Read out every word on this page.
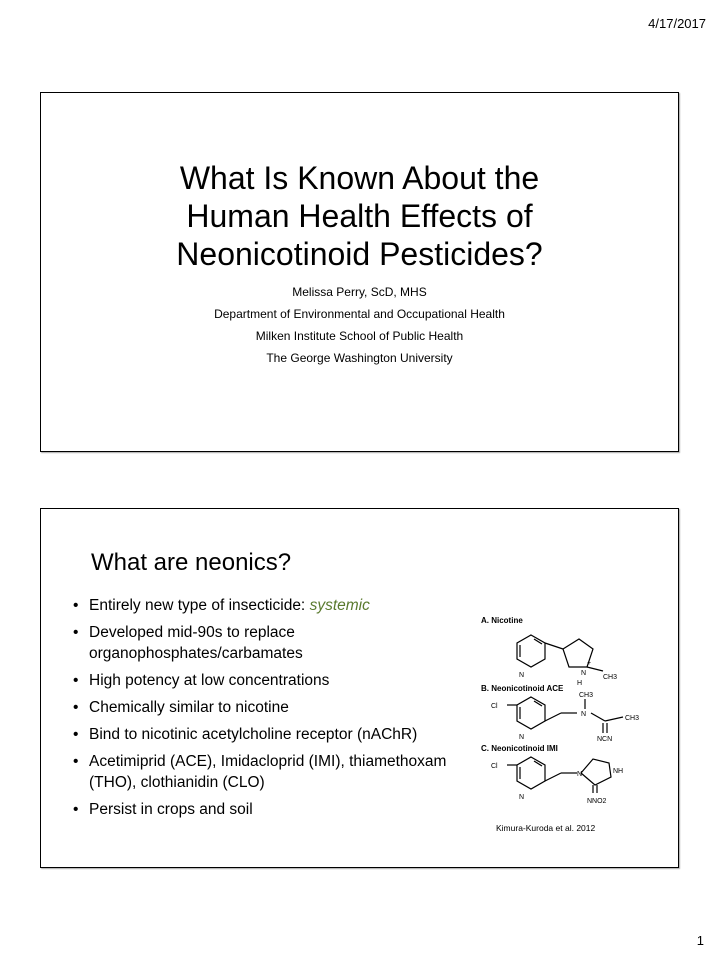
4/17/2017
What Is Known About the
Human Health Effects of
Neonicotinoid Pesticides?
Melissa Perry, ScD, MHS
Department of Environmental and Occupational Health
Milken Institute School of Public Health
The George Washington University
What are neonics?
• Entirely new type of insecticide: systemic
• Developed mid-90s to replace organophosphates/carbamates
• High potency at low concentrations
• Chemically similar to nicotine
• Bind to nicotinic acetylcholine receptor (nAChR)
• Acetimiprid (ACE), Imidacloprid (IMI), thiamethoxam (THO), clothianidin (CLO)
• Persist in crops and soil
A. Nicotine
B. Neonicotinoid ACE
C. Neonicotinoid IMI
N	N
+
H
CH3
Cl
N
N
CH3
CH3
NCN
Cl
N
N	NH
NNO2
Kimura-Kuroda et al. 2012
1
